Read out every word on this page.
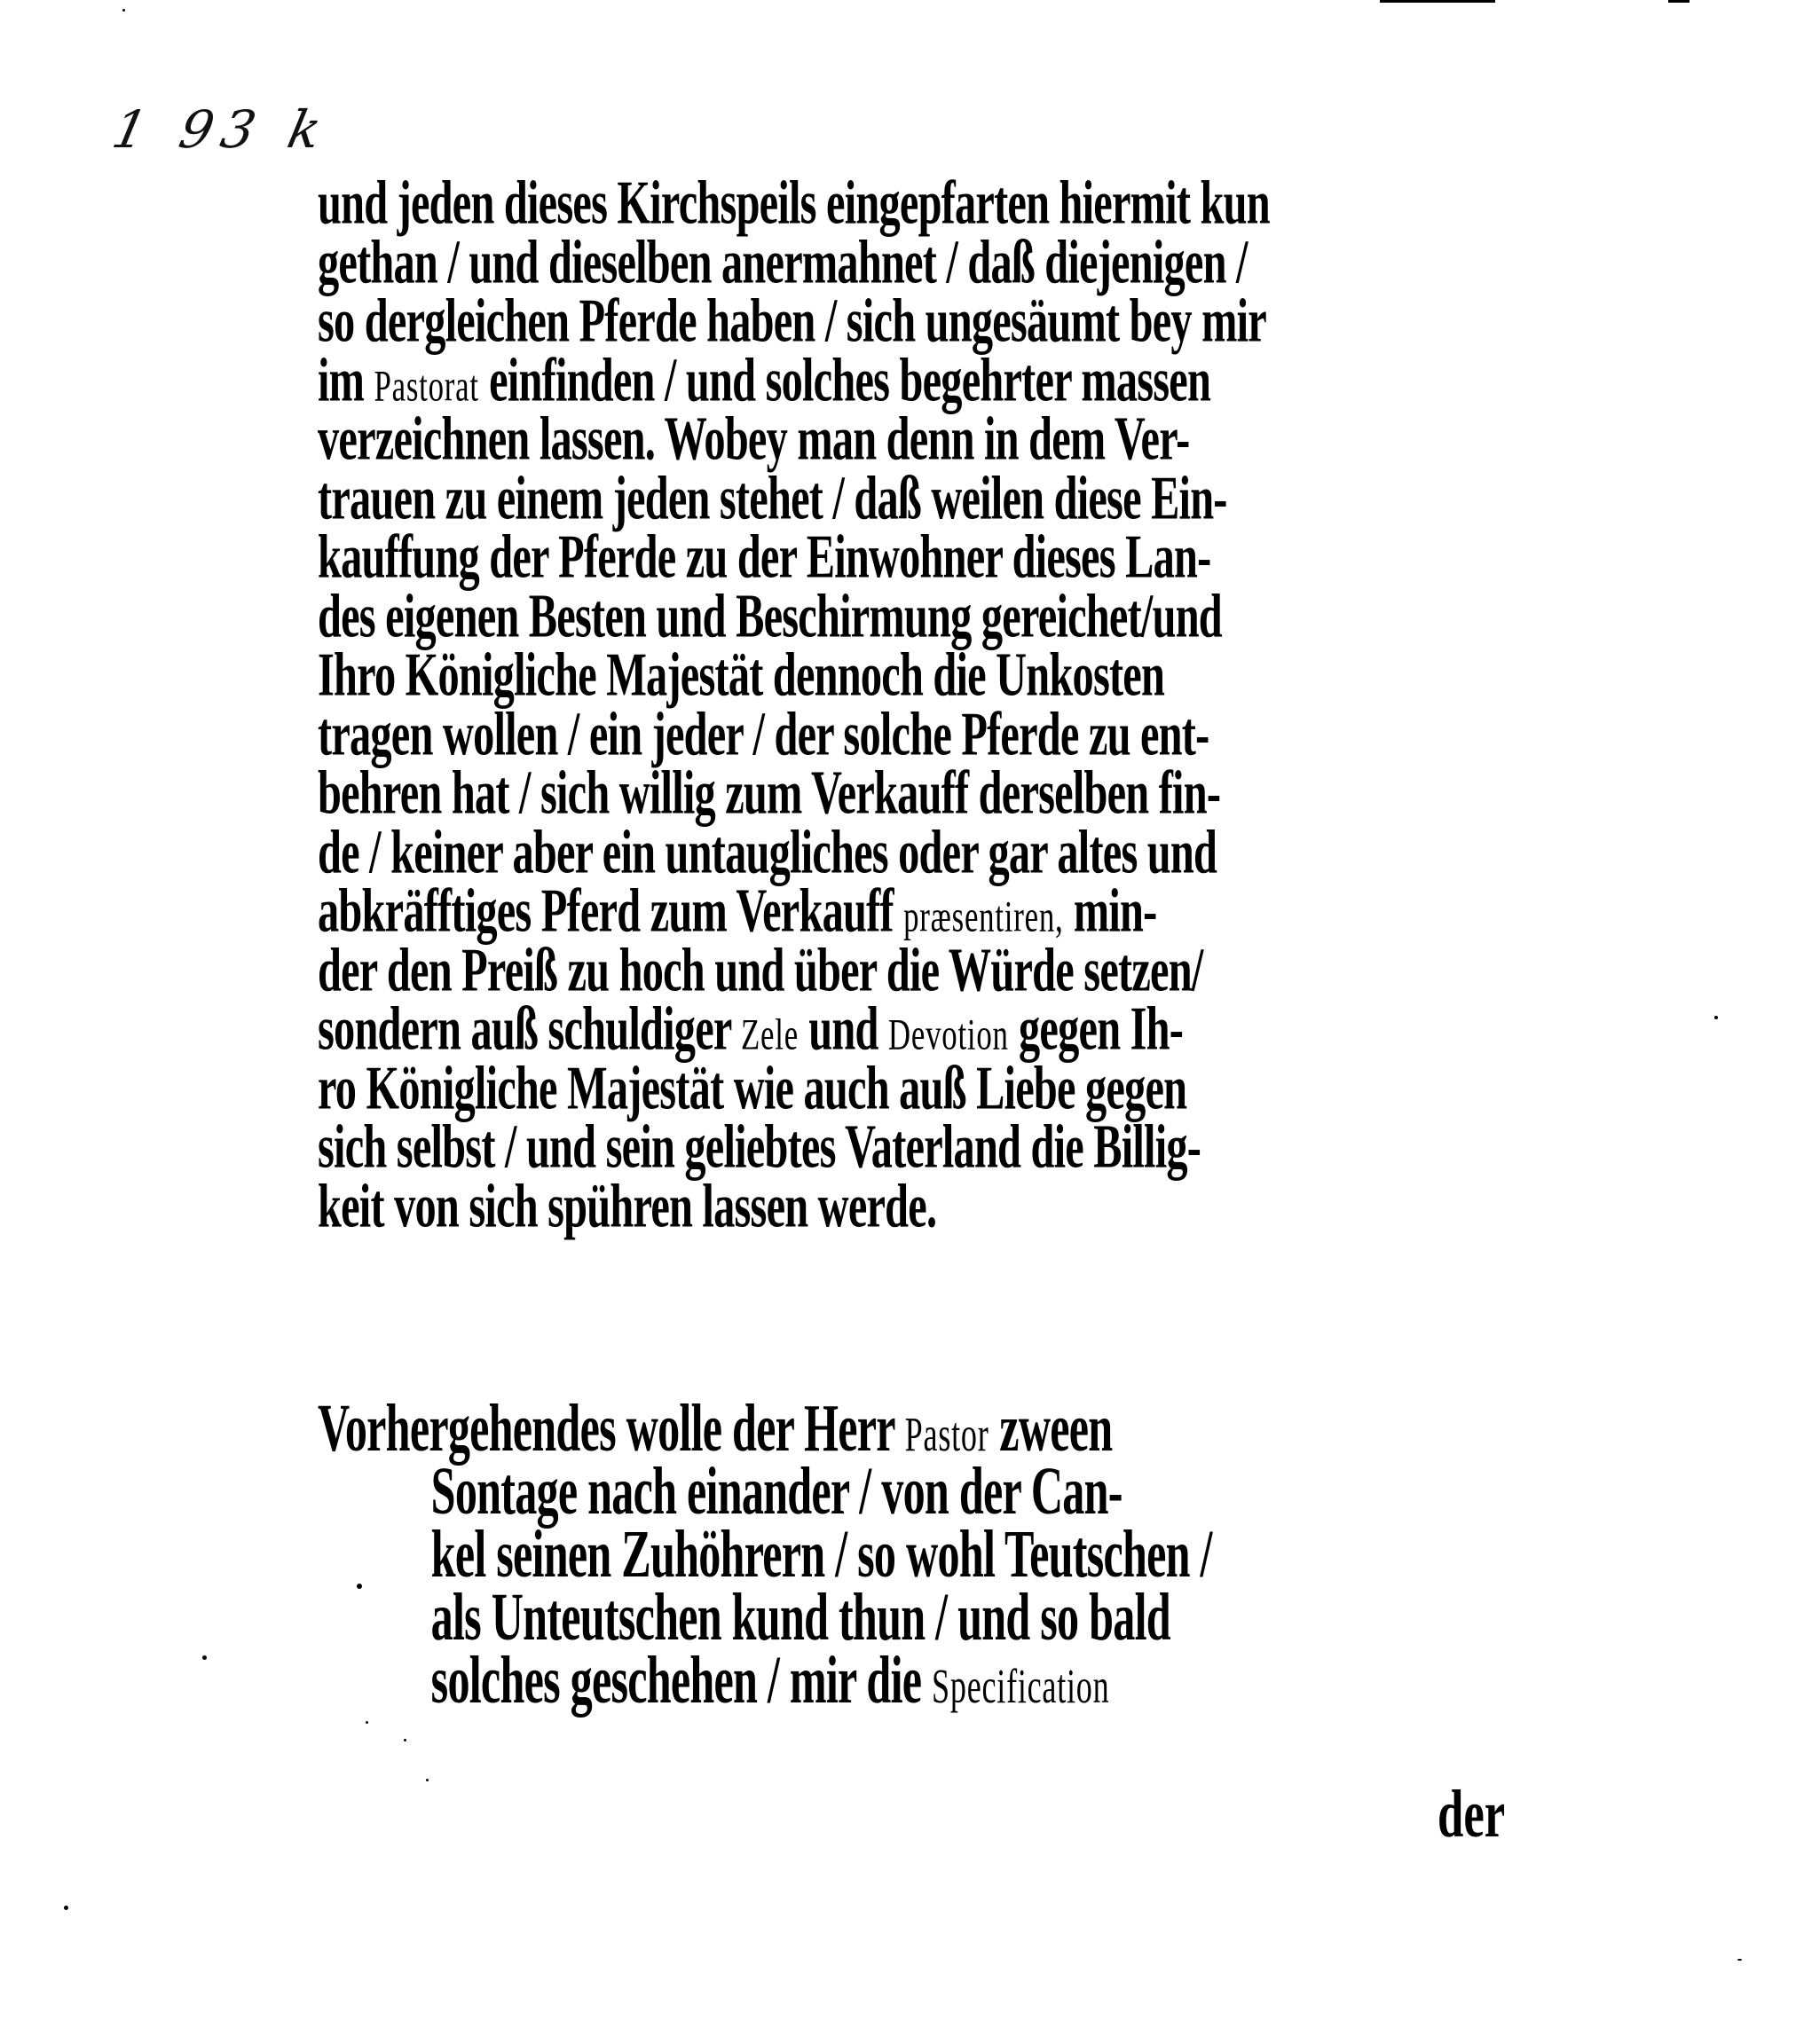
1 93 k
und jeden dieses Kirchspeils eingepfarten hiermit kun
gethan / und dieselben anermahnet / daß diejenigen /
so dergleichen Pferde haben / sich ungesäumt bey mir
im Pastorat einfinden / und solches begehrter massen
verzeichnen lassen. Wobey man denn in dem Ver-
trauen zu einem jeden stehet / daß weilen diese Ein-
kauffung der Pferde zu der Einwohner dieses Lan-
des eigenen Besten und Beschirmung gereichet/und
Ihro Königliche Majestät dennoch die Unkosten
tragen wollen / ein jeder / der solche Pferde zu ent-
behren hat / sich willig zum Verkauff derselben fin-
de / keiner aber ein untaugliches oder gar altes und
abkräfftiges Pferd zum Verkauff præsentiren, min-
der den Preiß zu hoch und über die Würde setzen/
sondern auß schuldiger Zele und Devotion gegen Ih-
ro Königliche Majestät wie auch auß Liebe gegen
sich selbst / und sein geliebtes Vaterland die Billig-
keit von sich spühren lassen werde.
Vorhergehendes wolle der Herr Pastor zween
Sontage nach einander / von der Can-
kel seinen Zuhöhrern / so wohl Teutschen /
als Unteutschen kund thun / und so bald
solches geschehen / mir die Specification
der
